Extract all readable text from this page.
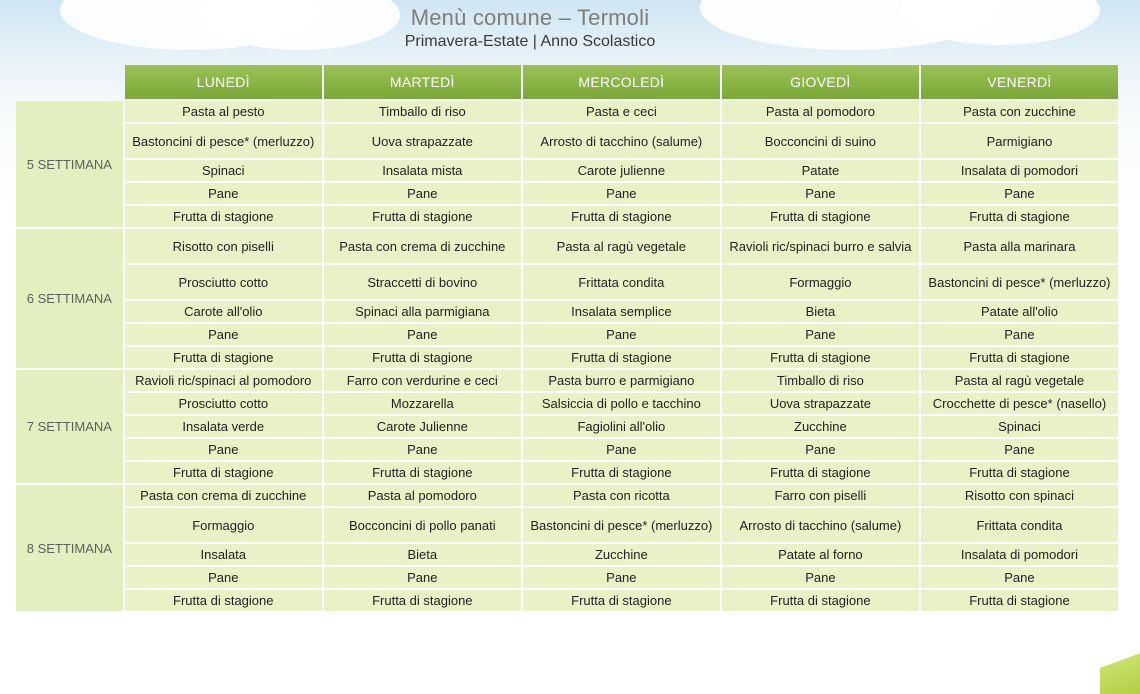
Menù comune – Termoli
Primavera-Estate | Anno Scolastico
	LUNEDÌ	MARTEDÌ	MERCOLEDÌ	GIOVEDÌ	VENERDÌ
5 SETTIMANA	Pasta al pesto	Timballo di riso	Pasta e ceci	Pasta al pomodoro	Pasta con zucchine
	Bastoncini di pesce* (merluzzo)	Uova strapazzate	Arrosto di tacchino (salume)	Bocconcini di suino	Parmigiano
	Spinaci	Insalata mista	Carote julienne	Patate	Insalata di pomodori
	Pane	Pane	Pane	Pane	Pane
	Frutta di stagione	Frutta di stagione	Frutta di stagione	Frutta di stagione	Frutta di stagione
6 SETTIMANA	Risotto con piselli	Pasta con crema di zucchine	Pasta al ragù vegetale	Ravioli ric/spinaci burro e salvia	Pasta alla marinara
	Prosciutto cotto	Straccetti di bovino	Frittata condita	Formaggio	Bastoncini di pesce* (merluzzo)
	Carote all'olio	Spinaci alla parmigiana	Insalata semplice	Bieta	Patate all'olio
	Pane	Pane	Pane	Pane	Pane
	Frutta di stagione	Frutta di stagione	Frutta di stagione	Frutta di stagione	Frutta di stagione
7 SETTIMANA	Ravioli ric/spinaci al pomodoro	Farro con verdurine e ceci	Pasta burro e parmigiano	Timballo di riso	Pasta al ragù vegetale
	Prosciutto cotto	Mozzarella	Salsiccia di pollo e tacchino	Uova strapazzate	Crocchette di pesce* (nasello)
	Insalata verde	Carote Julienne	Fagiolini all'olio	Zucchine	Spinaci
	Pane	Pane	Pane	Pane	Pane
	Frutta di stagione	Frutta di stagione	Frutta di stagione	Frutta di stagione	Frutta di stagione
8 SETTIMANA	Pasta con crema di zucchine	Pasta al pomodoro	Pasta con ricotta	Farro con piselli	Risotto con spinaci
	Formaggio	Bocconcini di pollo panati	Bastoncini di pesce* (merluzzo)	Arrosto di tacchino (salume)	Frittata condita
	Insalata	Bieta	Zucchine	Patate al forno	Insalata di pomodori
	Pane	Pane	Pane	Pane	Pane
	Frutta di stagione	Frutta di stagione	Frutta di stagione	Frutta di stagione	Frutta di stagione
